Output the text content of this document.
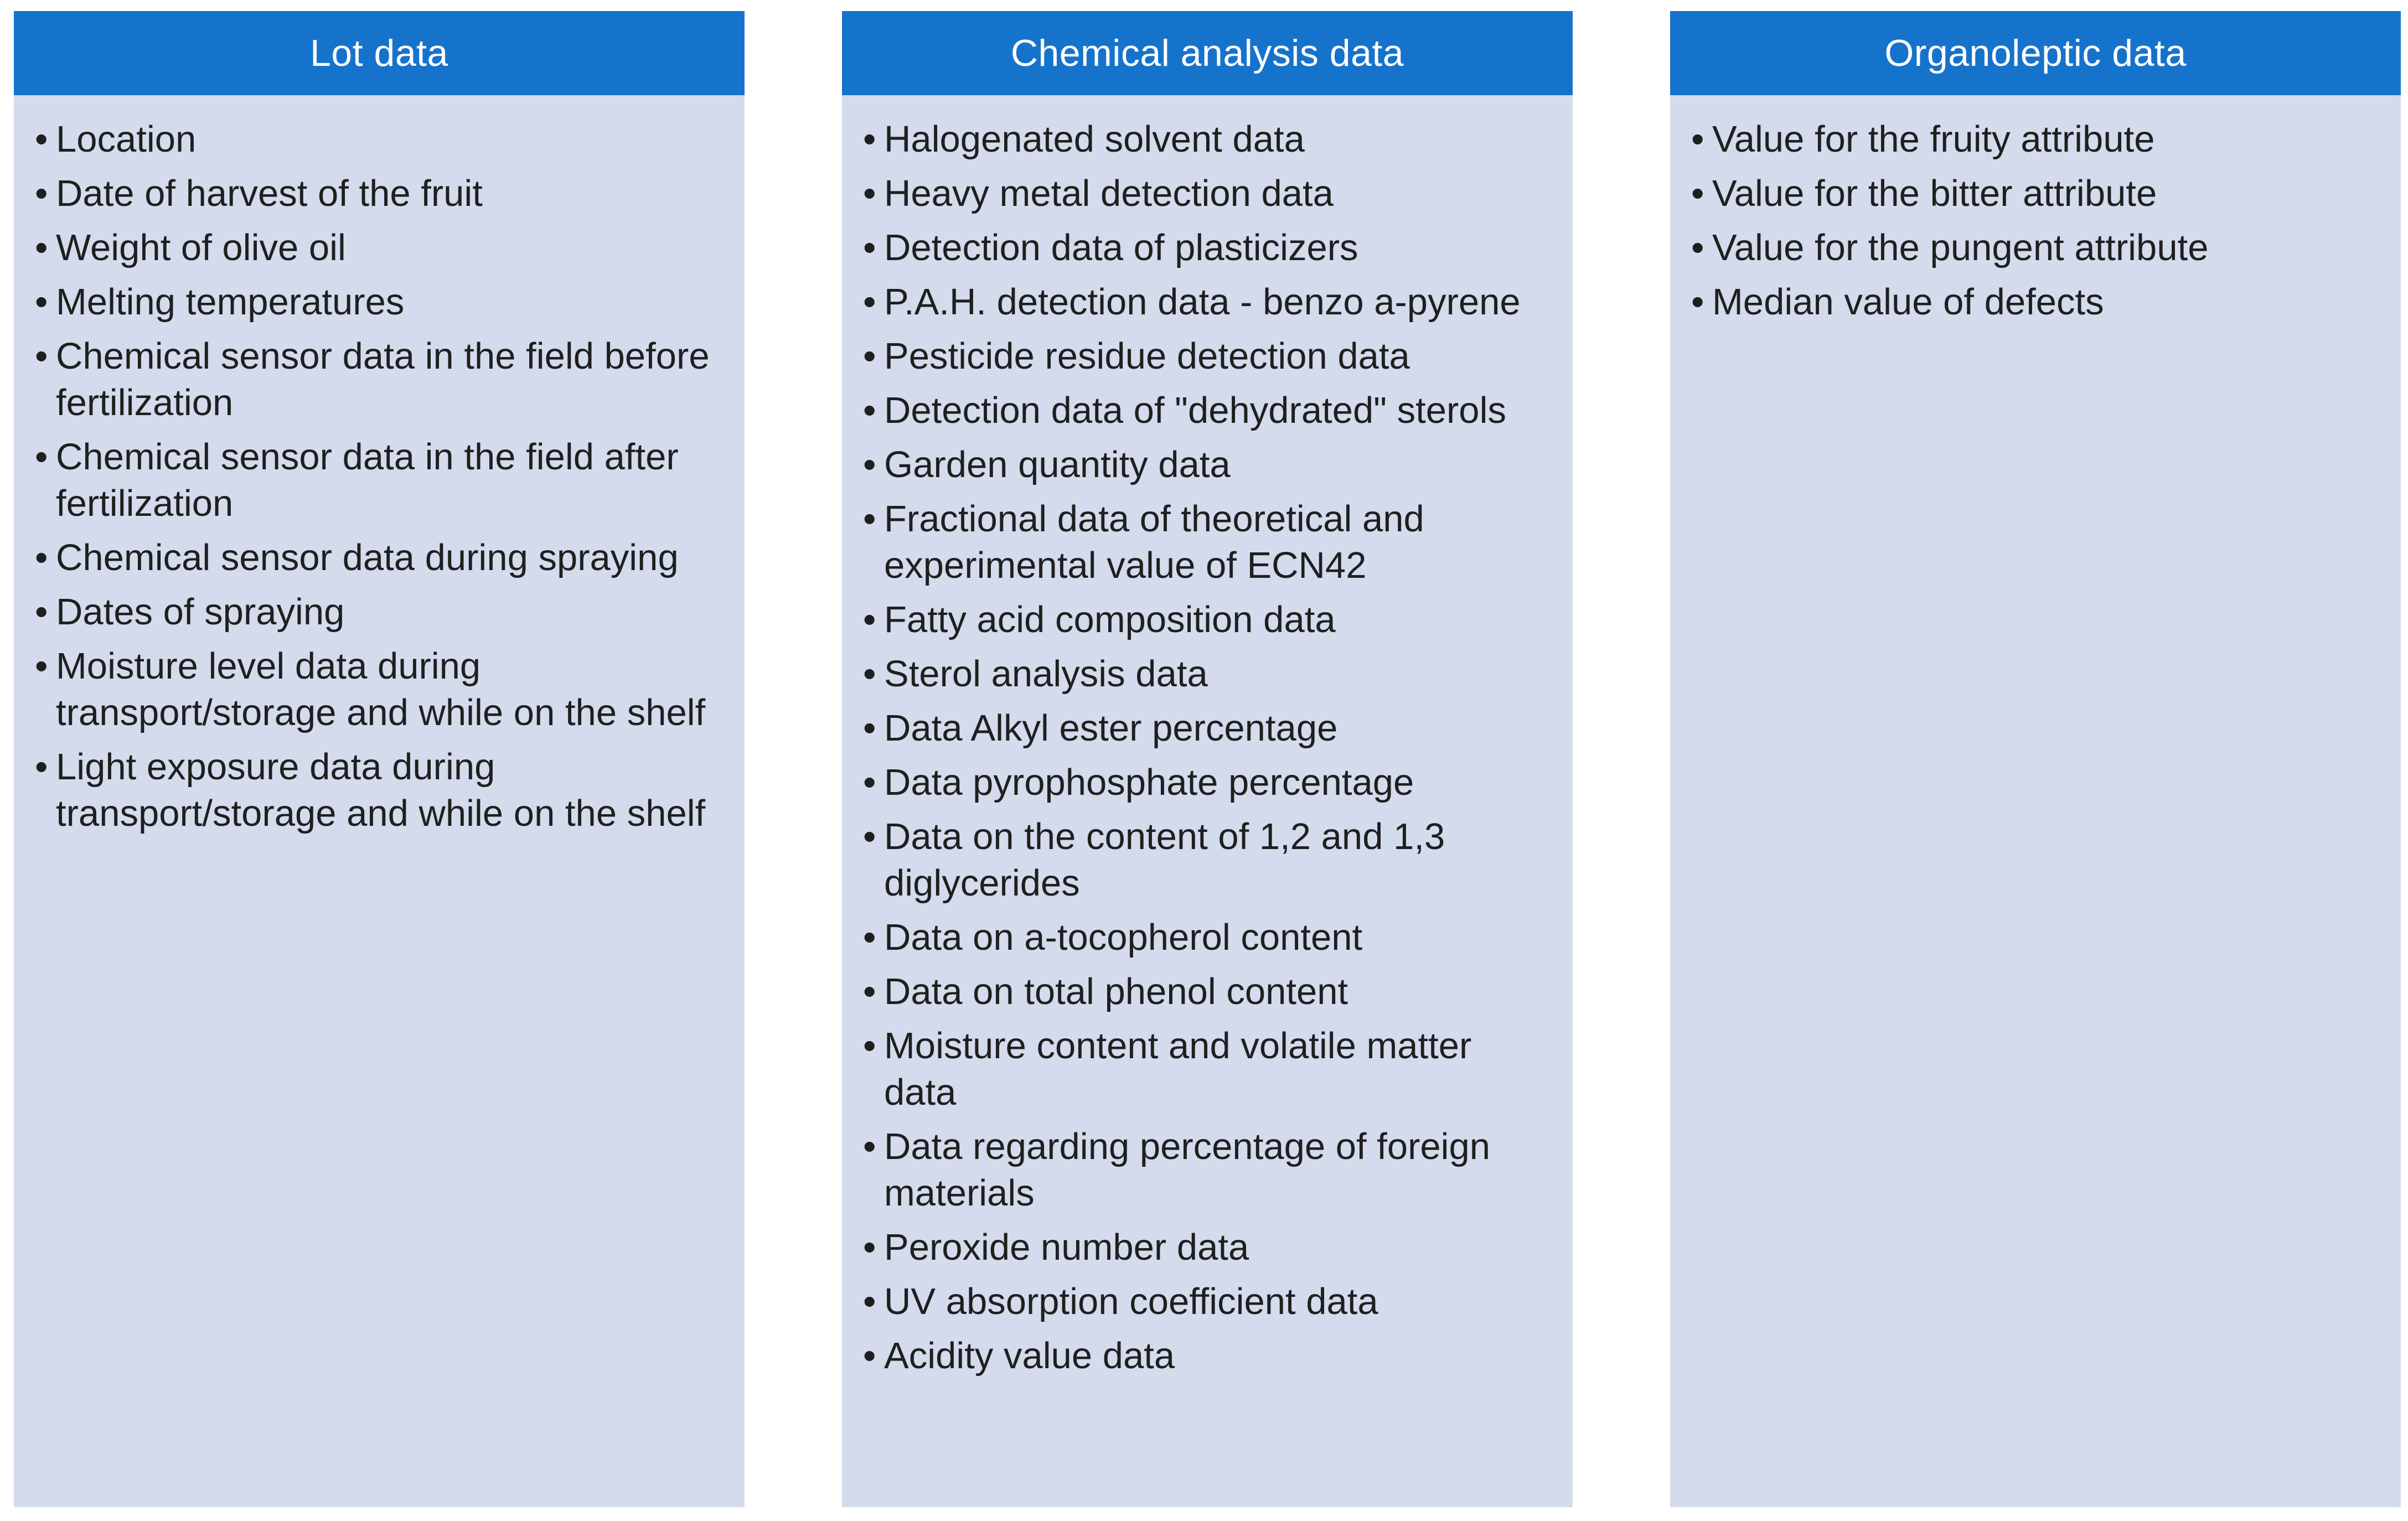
Lot data
• Location
• Date of harvest of the fruit
• Weight of olive oil
• Melting temperatures
• Chemical sensor data in the field before fertilization
• Chemical sensor data in the field after fertilization
• Chemical sensor data during spraying
• Dates of spraying
• Moisture level data during transport/storage and while on the shelf
• Light exposure data during transport/storage and while on the shelf
Chemical analysis data
• Halogenated solvent data
• Heavy metal detection data
• Detection data of plasticizers
• P.A.H. detection data - benzo a-pyrene
• Pesticide residue detection data
• Detection data of "dehydrated" sterols
• Garden quantity data
• Fractional data of theoretical and experimental value of ECN42
• Fatty acid composition data
• Sterol analysis data
• Data Alkyl ester percentage
• Data pyrophosphate percentage
• Data on the content of 1,2 and 1,3 diglycerides
• Data on a-tocopherol content
• Data on total phenol content
• Moisture content and volatile matter data
• Data regarding percentage of foreign materials
• Peroxide number data
• UV absorption coefficient data
• Acidity value data
Organoleptic data
• Value for the fruity attribute
• Value for the bitter attribute
• Value for the pungent attribute
• Median value of defects
